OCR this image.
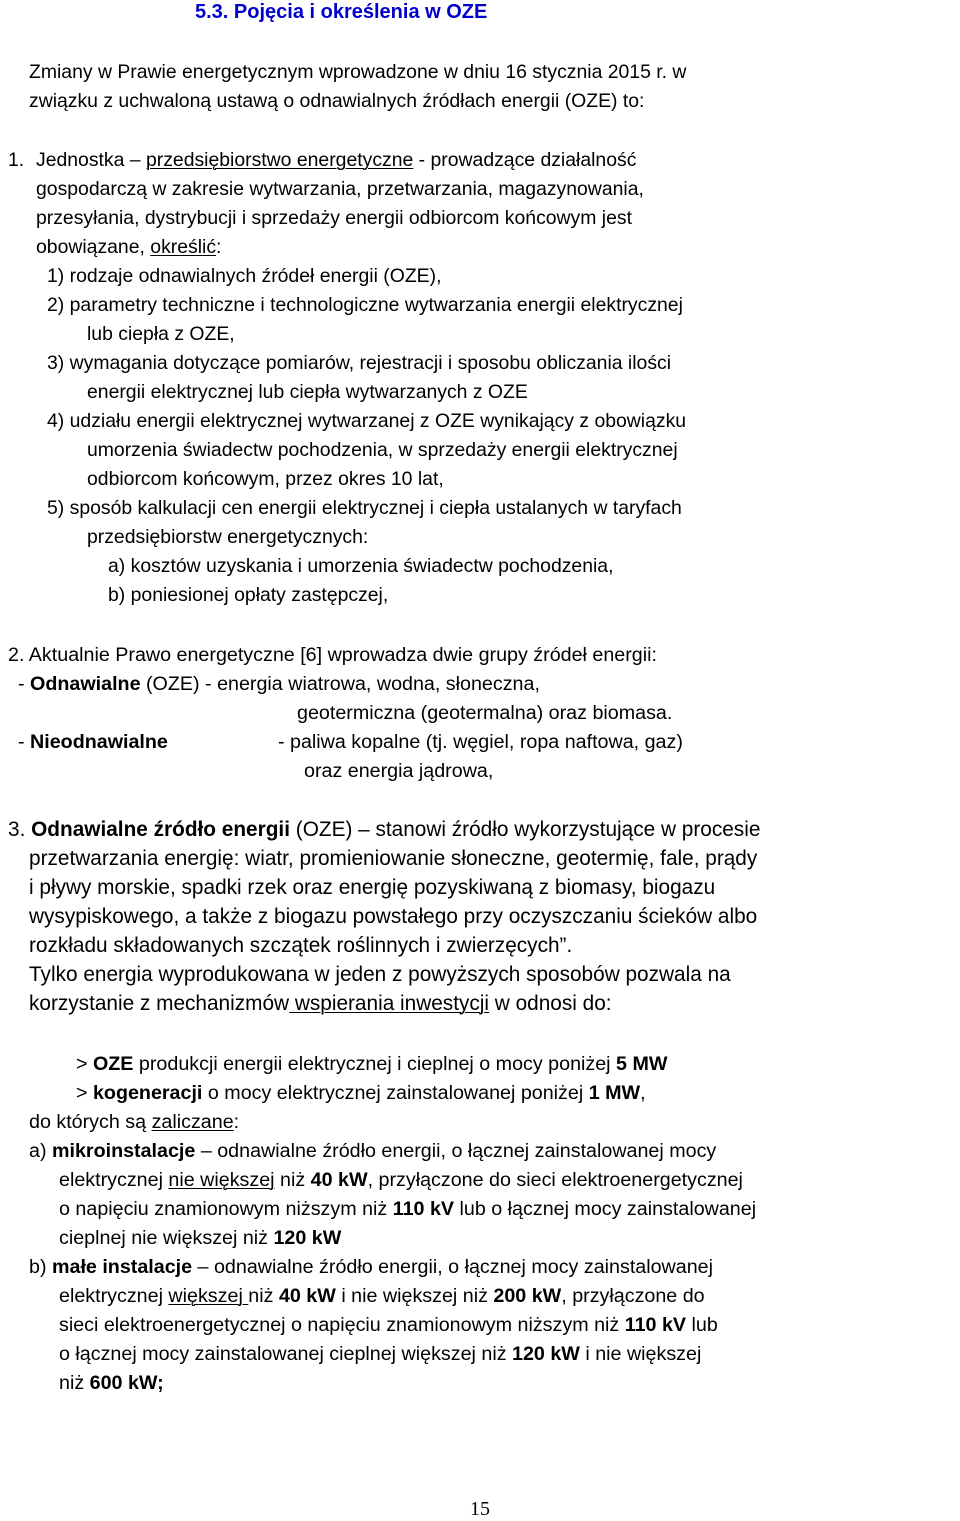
5.3. Pojęcia i określenia w OZE
Zmiany w Prawie energetycznym wprowadzone w dniu 16 stycznia 2015 r. w
związku z uchwaloną ustawą o odnawialnych źródłach energii (OZE) to:
1. Jednostka – przedsiębiorstwo energetyczne - prowadzące działalność
gospodarczą w zakresie wytwarzania, przetwarzania, magazynowania,
przesyłania, dystrybucji i sprzedaży energii odbiorcom końcowym jest
obowiązane, określić:
1) rodzaje odnawialnych źródeł energii (OZE),
2) parametry techniczne i technologiczne wytwarzania energii elektrycznej
lub ciepła z OZE,
3) wymagania dotyczące pomiarów, rejestracji i sposobu obliczania ilości
energii elektrycznej lub ciepła wytwarzanych z OZE
4) udziału energii elektrycznej wytwarzanej z OZE wynikający z obowiązku
umorzenia świadectw pochodzenia, w sprzedaży energii elektrycznej
odbiorcom końcowym, przez okres 10 lat,
5) sposób kalkulacji cen energii elektrycznej i ciepła ustalanych w taryfach
przedsiębiorstw energetycznych:
a) kosztów uzyskania i umorzenia świadectw pochodzenia,
b) poniesionej opłaty zastępczej,
2. Aktualnie Prawo energetyczne [6] wprowadza dwie grupy źródeł energii:
- Odnawialne (OZE) - energia wiatrowa, wodna, słoneczna,
geotermiczna (geotermalna) oraz biomasa.
- Nieodnawialne	- paliwa kopalne (tj. węgiel, ropa naftowa, gaz)
oraz energia jądrowa,
3. Odnawialne źródło energii (OZE) – stanowi źródło wykorzystujące w procesie
przetwarzania energię: wiatr, promieniowanie słoneczne, geotermię, fale, prądy
i pływy morskie, spadki rzek oraz energię pozyskiwaną z biomasy, biogazu
wysypiskowego, a także z biogazu powstałego przy oczyszczaniu ścieków albo
rozkładu składowanych szczątek roślinnych i zwierzęcych”.
Tylko energia wyprodukowana w jeden z powyższych sposobów pozwala na
korzystanie z mechanizmów wspierania inwestycji w odnosi do:
> OZE produkcji energii elektrycznej i cieplnej o mocy poniżej 5 MW
> kogeneracji o mocy elektrycznej zainstalowanej poniżej 1 MW,
do których są zaliczane:
a) mikroinstalacje – odnawialne źródło energii, o łącznej zainstalowanej mocy
elektrycznej nie większej niż 40 kW, przyłączone do sieci elektroenergetycznej
o napięciu znamionowym niższym niż 110 kV lub o łącznej mocy zainstalowanej
cieplnej nie większej niż 120 kW
b) małe instalacje – odnawialne źródło energii, o łącznej mocy zainstalowanej
elektrycznej większej niż 40 kW i nie większej niż 200 kW, przyłączone do
sieci elektroenergetycznej o napięciu znamionowym niższym niż 110 kV lub
o łącznej mocy zainstalowanej cieplnej większej niż 120 kW i nie większej
niż 600 kW;
15
